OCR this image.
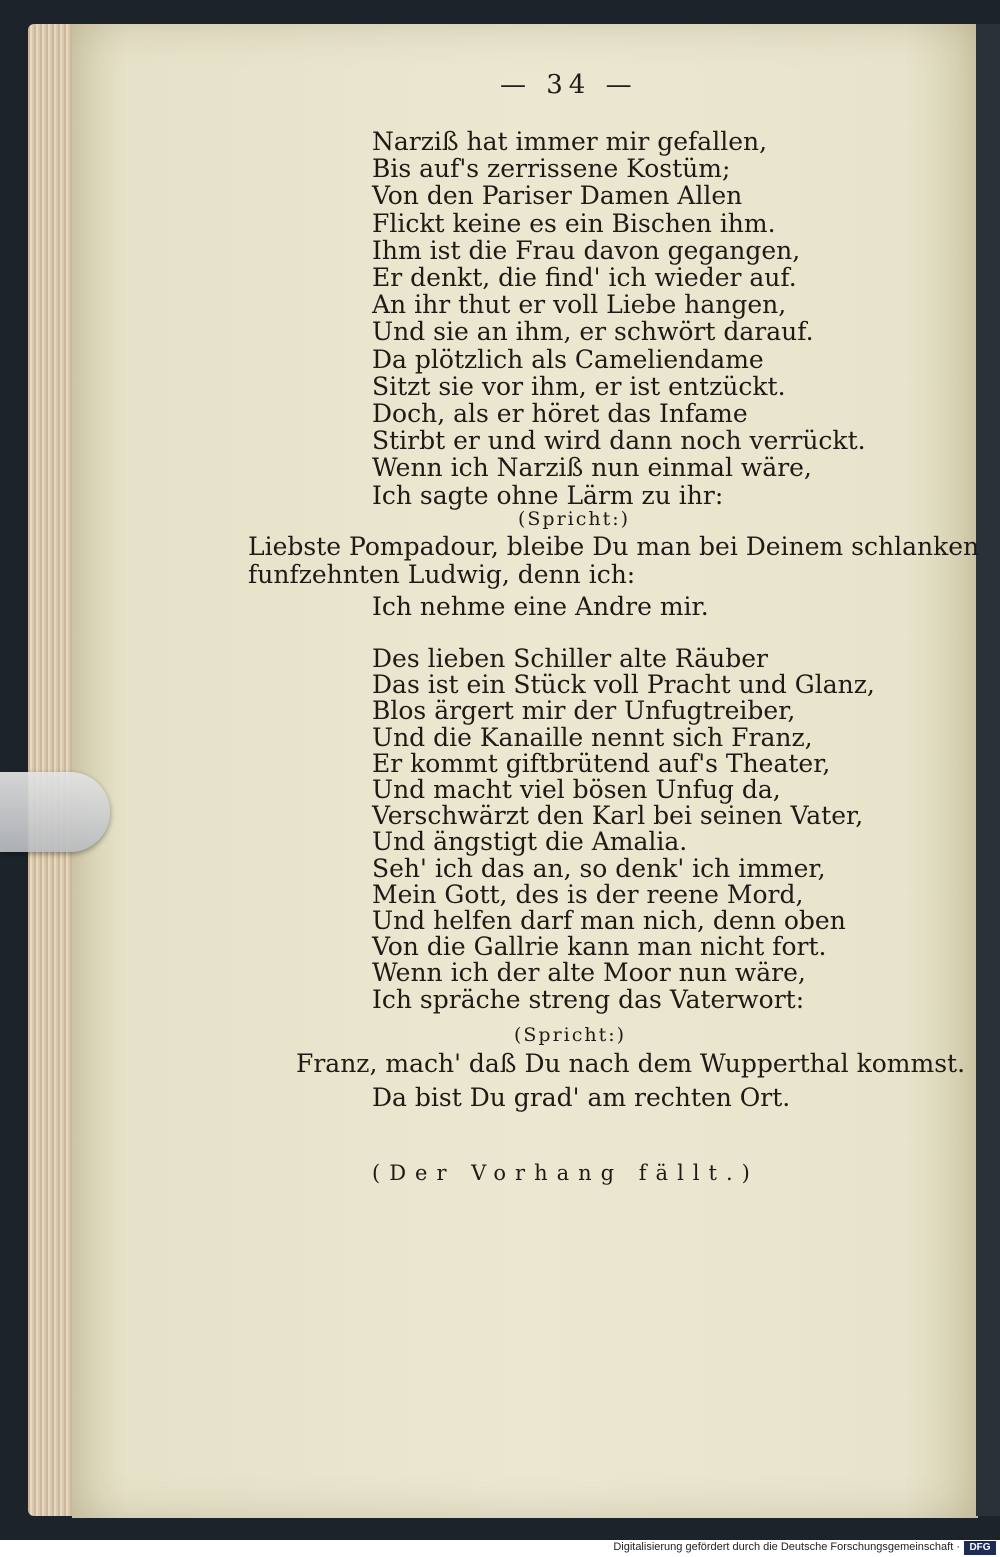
— 34 —
Narziß hat immer mir gefallen,
Bis auf's zerrissene Kostüm;
Von den Pariser Damen Allen
Flickt keine es ein Bischen ihm.
Ihm ist die Frau davon gegangen,
Er denkt, die find' ich wieder auf.
An ihr thut er voll Liebe hangen,
Und sie an ihm, er schwört darauf.
Da plötzlich als Cameliendame
Sitzt sie vor ihm, er ist entzückt.
Doch, als er höret das Infame
Stirbt er und wird dann noch verrückt.
Wenn ich Narziß nun einmal wäre,
Ich sagte ohne Lärm zu ihr:
(Spricht:)
Liebste Pompadour, bleibe Du man bei Deinem schlanken
funfzehnten Ludwig, denn ich:
Ich nehme eine Andre mir.
Des lieben Schiller alte Räuber
Das ist ein Stück voll Pracht und Glanz,
Blos ärgert mir der Unfugtreiber,
Und die Kanaille nennt sich Franz,
Er kommt giftbrütend auf's Theater,
Und macht viel bösen Unfug da,
Verschwärzt den Karl bei seinen Vater,
Und ängstigt die Amalia.
Seh' ich das an, so denk' ich immer,
Mein Gott, des is der reene Mord,
Und helfen darf man nich, denn oben
Von die Gallrie kann man nicht fort.
Wenn ich der alte Moor nun wäre,
Ich spräche streng das Vaterwort:
(Spricht:)
Franz, mach' daß Du nach dem Wupperthal kommst.
Da bist Du grad' am rechten Ort.
(Der Vorhang fällt.)
Digitalisierung gefördert durch die Deutsche Forschungsgemeinschaft · DFG
